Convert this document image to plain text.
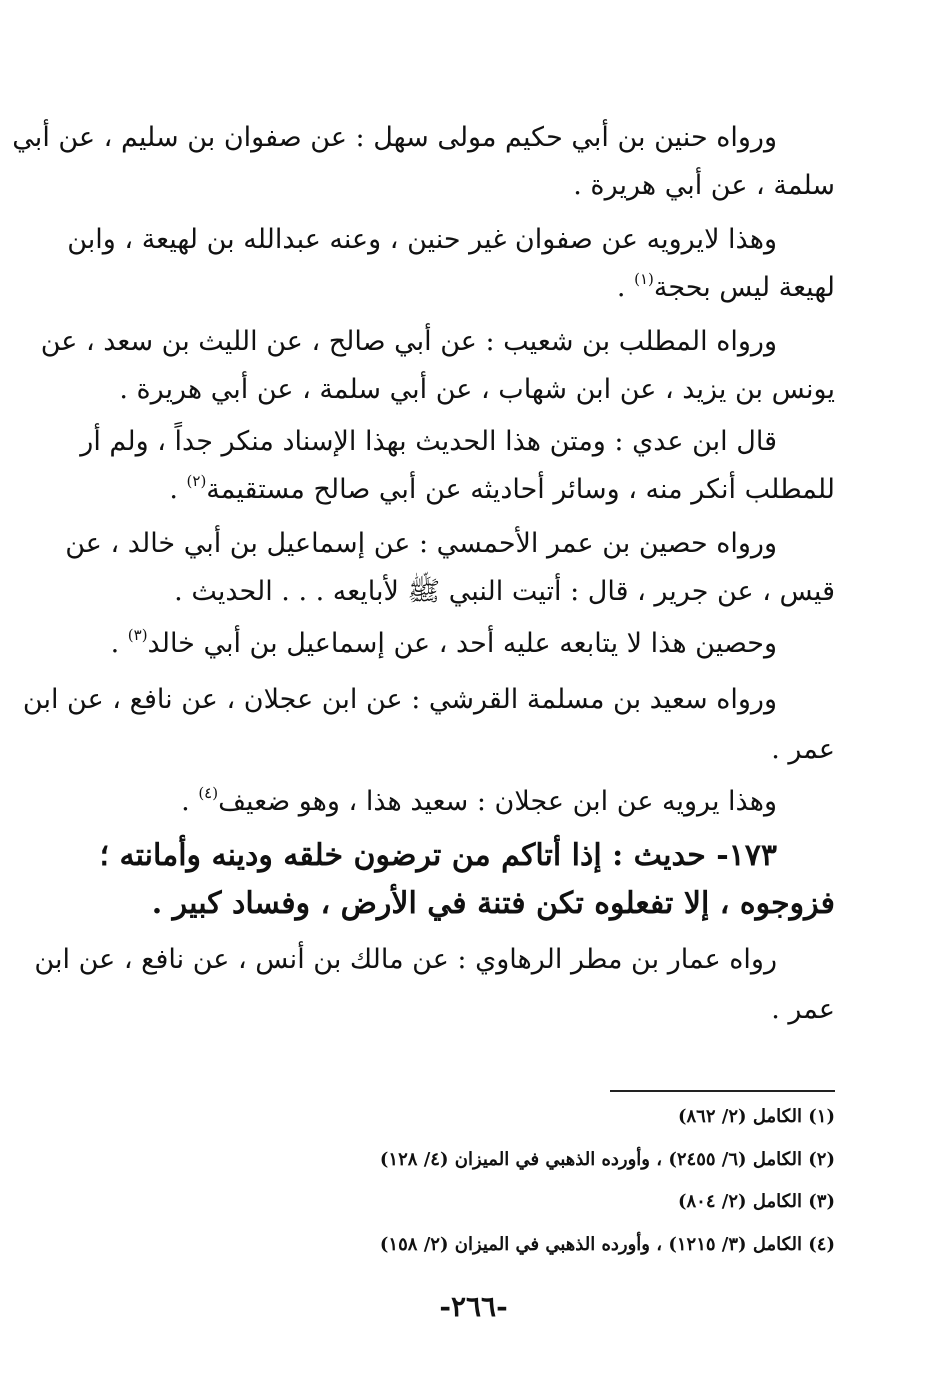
ورواه حنين بن أبي حكيم مولى سهل : عن صفوان بن سليم ، عن أبي
سلمة ، عن أبي هريرة .
وهذا لايرويه عن صفوان غير حنين ، وعنه عبدالله بن لهيعة ، وابن
لهيعة ليس بحجة$^{(١)}$ .
ورواه المطلب بن شعيب : عن أبي صالح ، عن الليث بن سعد ، عن
يونس بن يزيد ، عن ابن شهاب ، عن أبي سلمة ، عن أبي هريرة .
قال ابن عدي : ومتن هذا الحديث بهذا الإسناد منكر جداً ، ولم أر
للمطلب أنكر منه ، وسائر أحاديثه عن أبي صالح مستقيمة$^{(٢)}$ .
ورواه حصين بن عمر الأحمسي : عن إسماعيل بن أبي خالد ، عن
قيس ، عن جرير ، قال : أتيت النبي ﷺ لأبايعه . . . الحديث .
وحصين هذا لا يتابعه عليه أحد ، عن إسماعيل بن أبي خالد$^{(٣)}$ .
ورواه سعيد بن مسلمة القرشي : عن ابن عجلان ، عن نافع ، عن ابن
عمر .
وهذا يرويه عن ابن عجلان : سعيد هذا ، وهو ضعيف$^{(٤)}$ .
١٧٣- حديث : إذا أتاكم من ترضون خلقه ودينه وأمانته ؛
فزوجوه ، إلا تفعلوه تكن فتنة في الأرض ، وفساد كبير .
رواه عمار بن مطر الرهاوي : عن مالك بن أنس ، عن نافع ، عن ابن
عمر .
(١) الكامل (٢/ ٨٦٢)
(٢) الكامل (٦/ ٢٤٥٥) ، وأورده الذهبي في الميزان (٤/ ١٢٨)
(٣) الكامل (٢/ ٨٠٤)
(٤) الكامل (٣/ ١٢١٥) ، وأورده الذهبي في الميزان (٢/ ١٥٨)
-٢٦٦-
